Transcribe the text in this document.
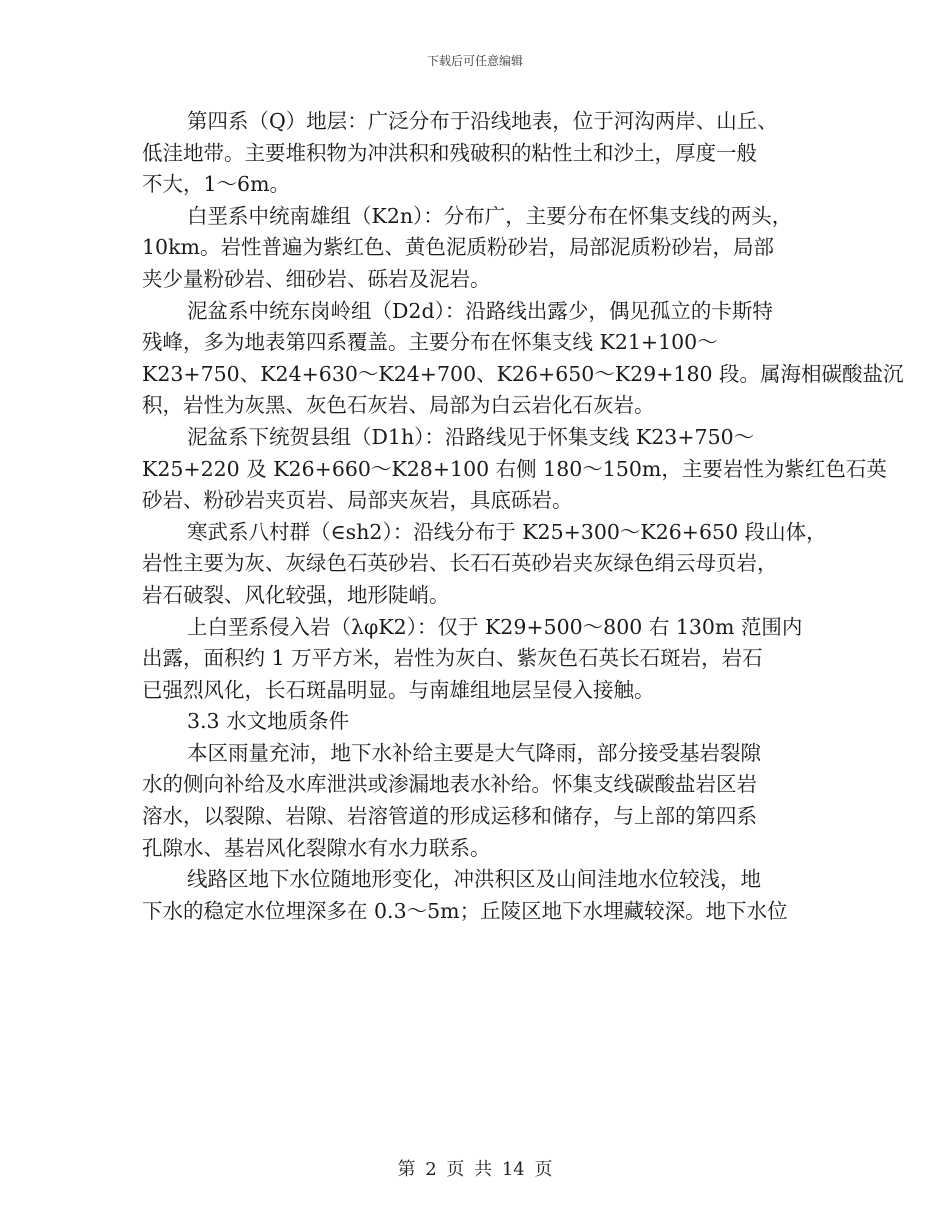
下载后可任意编辑

第四系（Q）地层：广泛分布于沿线地表，位于河沟两岸、山丘、
低洼地带。主要堆积物为冲洪积和残破积的粘性土和沙土，厚度一般
不大，1～6m。

白垩系中统南雄组（K2n）：分布广，主要分布在怀集支线的两头，
10km。岩性普遍为紫红色、黄色泥质粉砂岩，局部泥质粉砂岩，局部
夹少量粉砂岩、细砂岩、砾岩及泥岩。

泥盆系中统东岗岭组（D2d）：沿路线出露少，偶见孤立的卡斯特
残峰，多为地表第四系覆盖。主要分布在怀集支线 K21+100～
K23+750、K24+630～K24+700、K26+650～K29+180 段。属海相碳酸盐沉
积，岩性为灰黑、灰色石灰岩、局部为白云岩化石灰岩。

泥盆系下统贺县组（D1h）：沿路线见于怀集支线 K23+750～
K25+220 及 K26+660～K28+100 右侧 180～150m，主要岩性为紫红色石英
砂岩、粉砂岩夹页岩、局部夹灰岩，具底砾岩。

寒武系八村群（∈sh2）：沿线分布于 K25+300～K26+650 段山体，
岩性主要为灰、灰绿色石英砂岩、长石石英砂岩夹灰绿色绢云母页岩，
岩石破裂、风化较强，地形陡峭。

上白垩系侵入岩（λφK2）：仅于 K29+500～800 右 130m 范围内
出露，面积约 1 万平方米，岩性为灰白、紫灰色石英长石斑岩，岩石
已强烈风化，长石斑晶明显。与南雄组地层呈侵入接触。

3.3 水文地质条件

本区雨量充沛，地下水补给主要是大气降雨，部分接受基岩裂隙
水的侧向补给及水库泄洪或渗漏地表水补给。怀集支线碳酸盐岩区岩
溶水，以裂隙、岩隙、岩溶管道的形成运移和储存，与上部的第四系
孔隙水、基岩风化裂隙水有水力联系。

线路区地下水位随地形变化，冲洪积区及山间洼地水位较浅，地
下水的稳定水位埋深多在 0.3～5m；丘陵区地下水埋藏较深。地下水位

第 2 页 共 14 页
